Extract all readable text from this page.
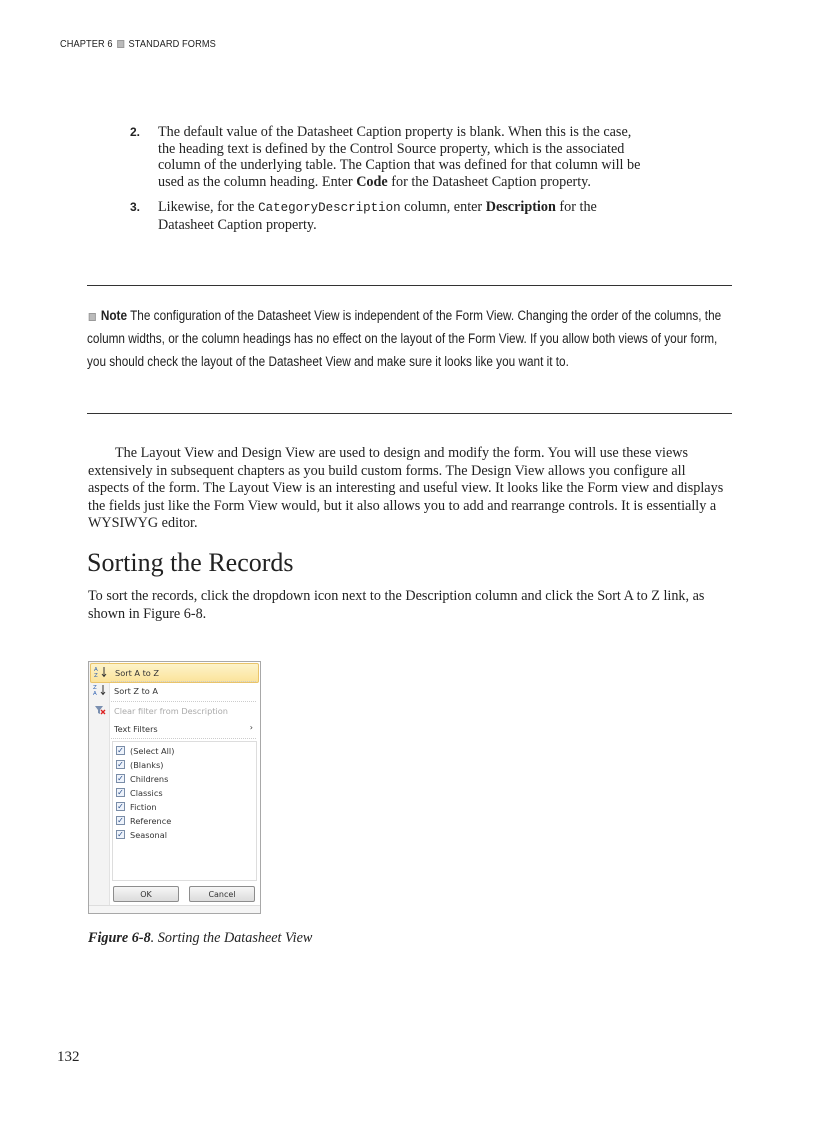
CHAPTER 6 STANDARD FORMS
2.	The default value of the Datasheet Caption property is blank. When this is the case, the heading text is defined by the Control Source property, which is the associated column of the underlying table. The Caption that was defined for that column will be used as the column heading. Enter Code for the Datasheet Caption property.
3.	Likewise, for the CategoryDescription column, enter Description for the Datasheet Caption property.
Note The configuration of the Datasheet View is independent of the Form View. Changing the order of the columns, the column widths, or the column headings has no effect on the layout of the Form View. If you allow both views of your form, you should check the layout of the Datasheet View and make sure it looks like you want it to.
The Layout View and Design View are used to design and modify the form. You will use these views extensively in subsequent chapters as you build custom forms. The Design View allows you configure all aspects of the form. The Layout View is an interesting and useful view. It looks like the Form view and displays the fields just like the Form View would, but it also allows you to add and rearrange controls. It is essentially a WYSIWYG editor.
Sorting the Records
To sort the records, click the dropdown icon next to the Description column and click the Sort A to Z link, as shown in Figure 6-8.
A
Z Sort A to Z
Z
A Sort Z to A
Clear filter from Description
Text Filters	›
✓ (Select All)
✓ (Blanks)
✓ Childrens
✓ Classics
✓ Fiction
✓ Reference
✓ Seasonal
OK	Cancel
Figure 6-8. Sorting the Datasheet View
132
